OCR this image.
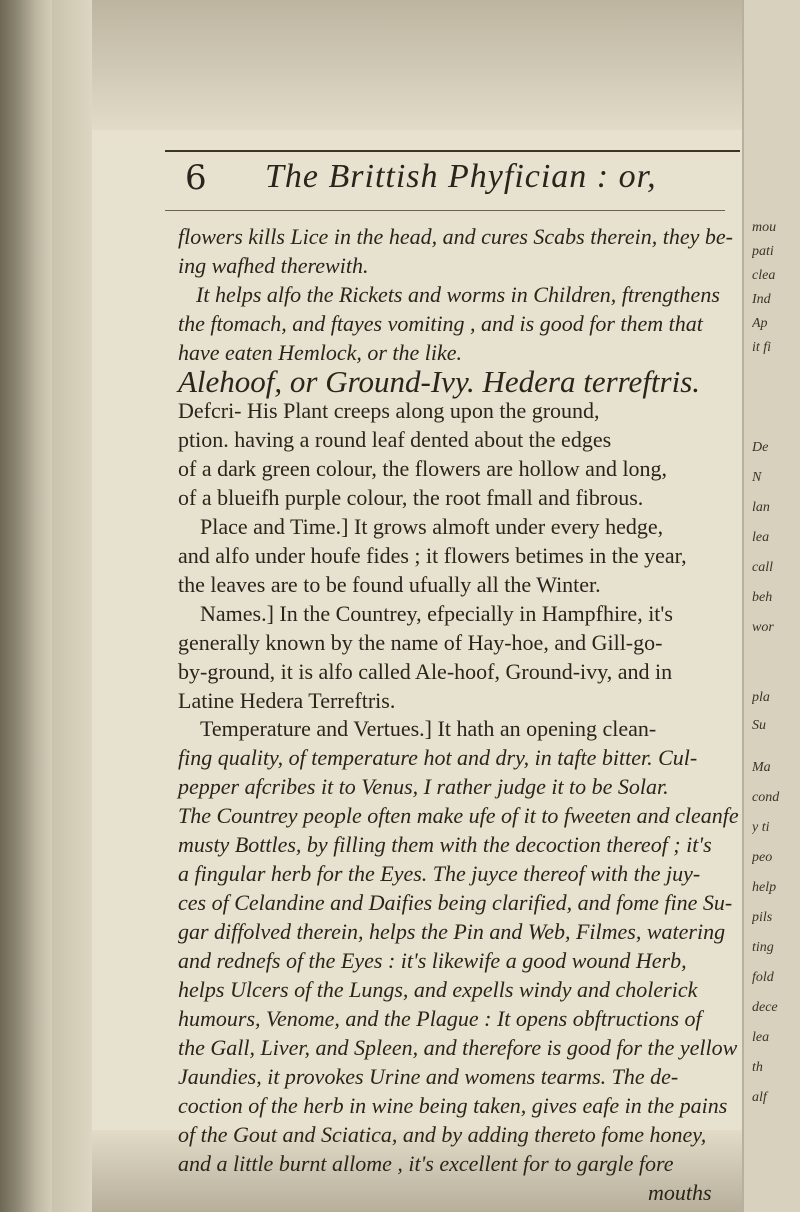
6 The Brittish Phyfician : or,
flowers kills Lice in the head, and cures Scabs therein, they be-
ing wafhed therewith.
It helps alfo the Rickets and worms in Children, ftrengthens
the ftomach, and ftayes vomiting , and is good for them that
have eaten Hemlock, or the like.
Alehoof, or Ground-Ivy. Hedera terreftris.
Defcri- His Plant creeps along upon the ground,
ption. having a round leaf dented about the edges
of a dark green colour, the flowers are hollow and long,
of a blueifh purple colour, the root fmall and fibrous.
Place and Time.] It grows almoft under every hedge,
and alfo under houfe fides ; it flowers betimes in the year,
the leaves are to be found ufually all the Winter.
Names.] In the Countrey, efpecially in Hampfhire, it's
generally known by the name of Hay-hoe, and Gill-go-
by-ground, it is alfo called Ale-hoof, Ground-ivy, and in
Latine Hedera Terreftris.
Temperature and Vertues.] It hath an opening clean-
fing quality, of temperature hot and dry, in tafte bitter. Cul-
pepper afcribes it to Venus, I rather judge it to be Solar.
The Countrey people often make ufe of it to fweeten and cleanfe
musty Bottles, by filling them with the decoction thereof ; it's
a fingular herb for the Eyes. The juyce thereof with the juy-
ces of Celandine and Daifies being clarified, and fome fine Su-
gar diffolved therein, helps the Pin and Web, Filmes, watering
and rednefs of the Eyes : it's likewife a good wound Herb,
helps Ulcers of the Lungs, and expells windy and cholerick
humours, Venome, and the Plague : It opens obftructions of
the Gall, Liver, and Spleen, and therefore is good for the yellow
Jaundies, it provokes Urine and womens tearms. The de-
coction of the herb in wine being taken, gives eafe in the pains
of the Gout and Sciatica, and by adding thereto fome honey,
and a little burnt allome , it's excellent for to gargle fore
mouths
mou
pati
clea
Ind
Ap
it fi
De
N
lan
lea
call
beh
wor
pla
Su
Ma
cond
y ti
peo
help
pils
ting
fold
dece
lea
th
alf
